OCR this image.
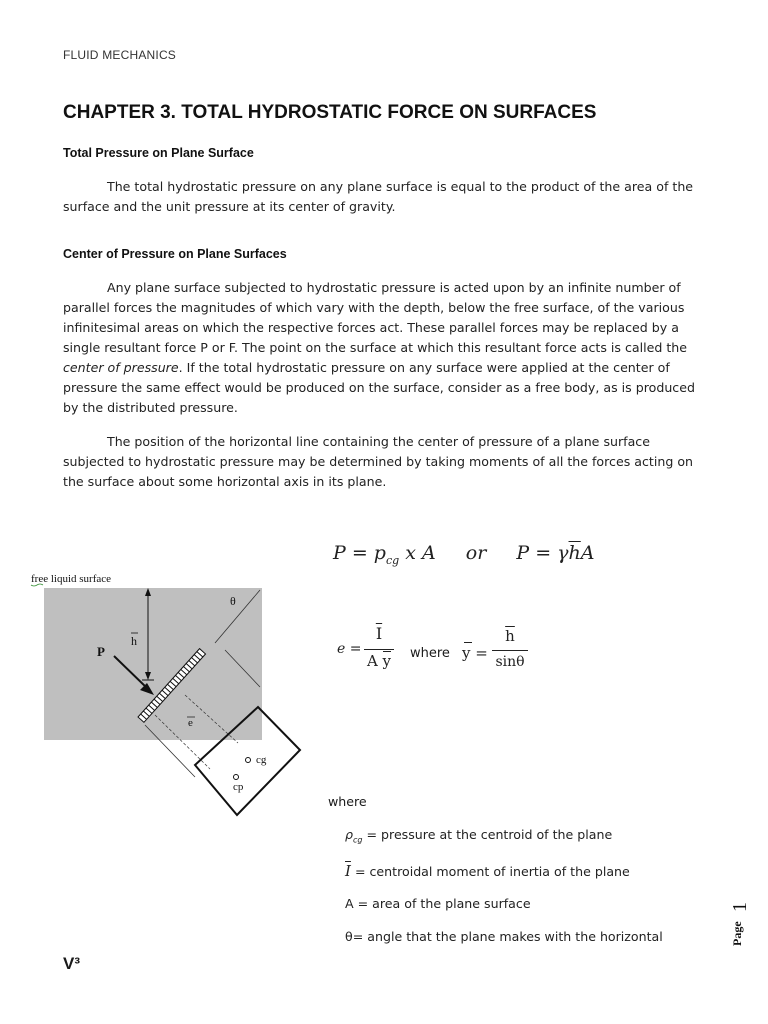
FLUID MECHANICS
CHAPTER 3. TOTAL HYDROSTATIC FORCE ON SURFACES
Total Pressure on Plane Surface

The total hydrostatic pressure on any plane surface is equal to the product of the area of the surface and the unit pressure at its center of gravity.

Center of Pressure on Plane Surfaces

Any plane surface subjected to hydrostatic pressure is acted upon by an infinite number of parallel forces the magnitudes of which vary with the depth, below the free surface, of the various infinitesimal areas on which the respective forces act. These parallel forces may be replaced by a single resultant force P or F. The point on the surface at which this resultant force acts is called the center of pressure. If the total hydrostatic pressure on any surface were applied at the center of pressure the same effect would be produced on the surface, consider as a free body, as is produced by the distributed pressure.

The position of the horizontal line containing the center of pressure of a plane surface subjected to hydrostatic pressure may be determined by taking moments of all the forces acting on the surface about some horizontal axis in its plane.

free liquid surface
θ
h
P
e
cg
cp
$P = p_{cg}$ x A or $P = \gamma\overline{h}A$
e =
$\overline{I}$
A y	where y =
$\overline{h}$
sinθ
where
$\rho_{cg}$ = pressure at the centroid of the plane
$\overline{I}$ = centroidal moment of inertia of the plane
A = area of the plane surface
θ= angle that the plane makes with the horizontal
V³
Page
1
